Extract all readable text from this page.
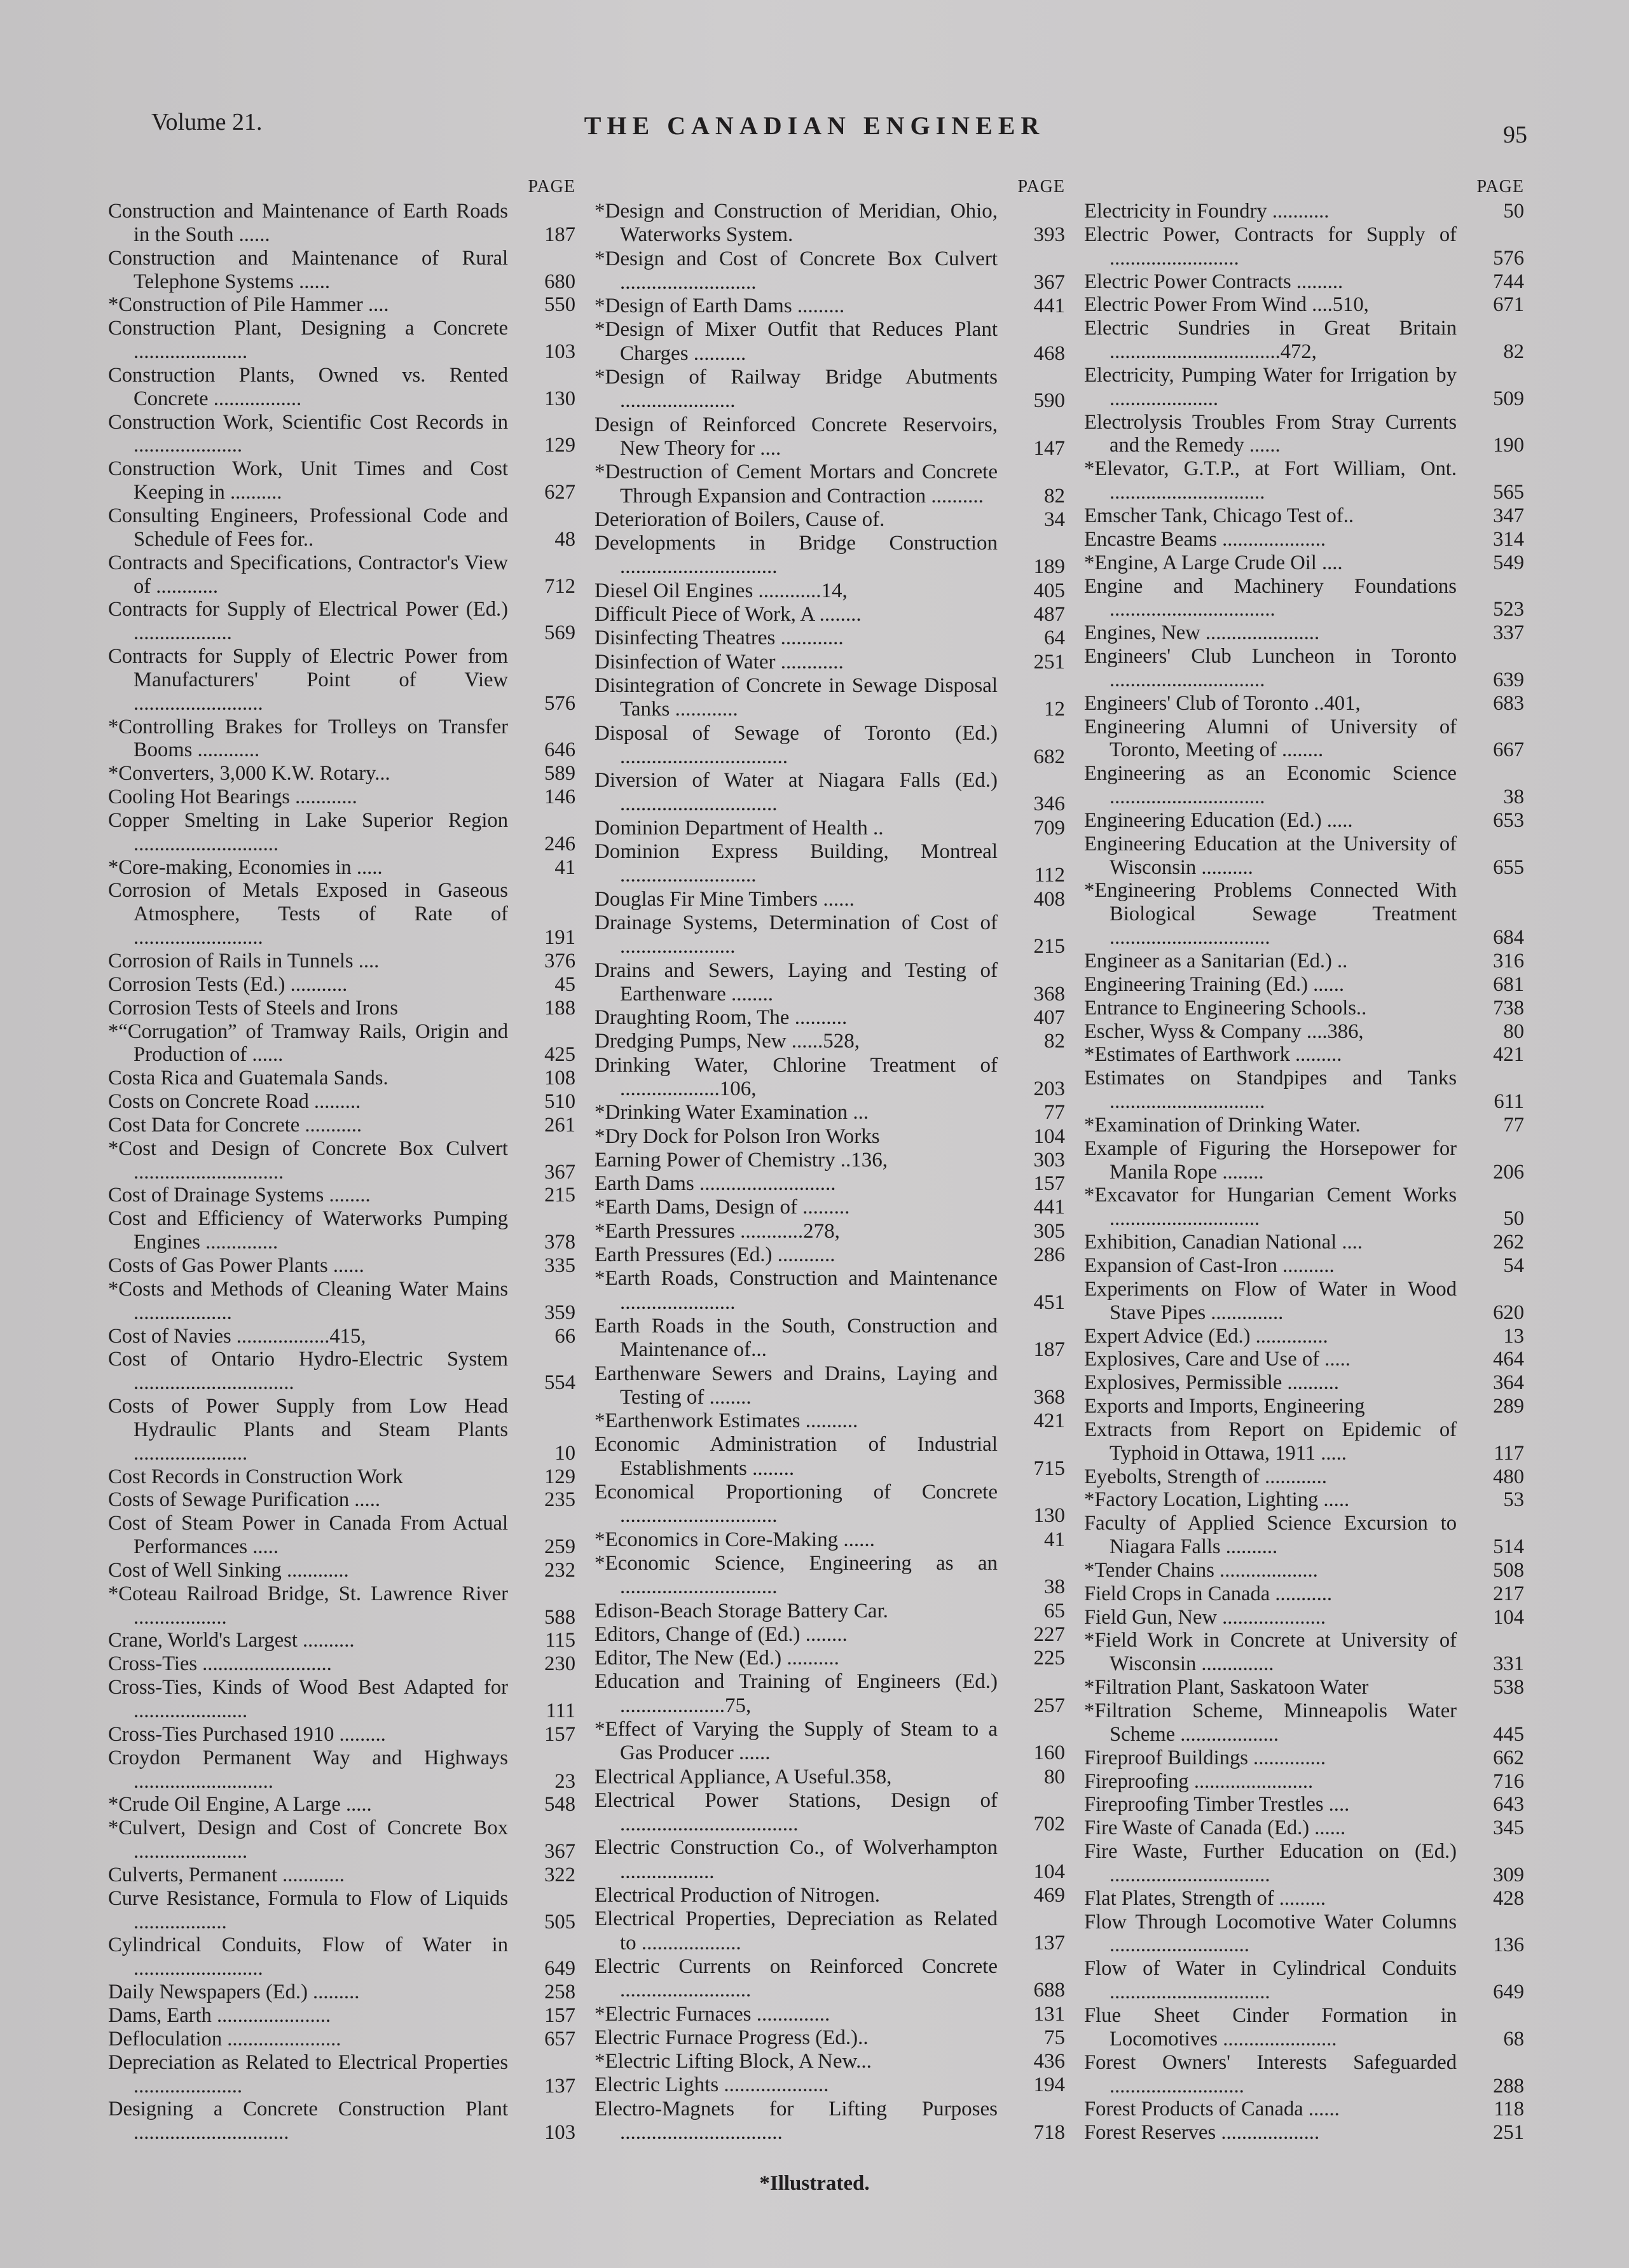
Volume 21.	THE CANADIAN ENGINEER	95
PAGE
Construction and Maintenance of Earth Roads in the South ......	187
Construction and Maintenance of Rural Telephone Systems ......	680
*Construction of Pile Hammer ....	550
Construction Plant, Designing a Concrete ......................	103
Construction Plants, Owned vs. Rented Concrete .................	130
Construction Work, Scientific Cost Records in .....................	129
Construction Work, Unit Times and Cost Keeping in ..........	627
Consulting Engineers, Professional Code and Schedule of Fees for..	48
Contracts and Specifications, Contractor's View of ............	712
Contracts for Supply of Electrical Power (Ed.) ...................	569
Contracts for Supply of Electric Power from Manufacturers' Point of View .........................	576
*Controlling Brakes for Trolleys on Transfer Booms ............	646
*Converters, 3,000 K.W. Rotary...	589
Cooling Hot Bearings ............	146
Copper Smelting in Lake Superior Region ............................	246
*Core-making, Economies in .....	41
Corrosion of Metals Exposed in Gaseous Atmosphere, Tests of Rate of .........................	191
Corrosion of Rails in Tunnels ....	376
Corrosion Tests (Ed.) ...........	45
Corrosion Tests of Steels and Irons	188
*“Corrugation” of Tramway Rails, Origin and Production of ......	425
Costa Rica and Guatemala Sands.	108
Costs on Concrete Road .........	510
Cost Data for Concrete ...........	261
*Cost and Design of Concrete Box Culvert .............................	367
Cost of Drainage Systems ........	215
Cost and Efficiency of Waterworks Pumping Engines ..............	378
Costs of Gas Power Plants ......	335
*Costs and Methods of Cleaning Water Mains ...................	359
Cost of Navies ..................415,	66
Cost of Ontario Hydro-Electric System ...............................	554
Costs of Power Supply from Low Head Hydraulic Plants and Steam Plants ......................	10
Cost Records in Construction Work	129
Costs of Sewage Purification .....	235
Cost of Steam Power in Canada From Actual Performances .....	259
Cost of Well Sinking ............	232
*Coteau Railroad Bridge, St. Lawrence River ..................	588
Crane, World's Largest ..........	115
Cross-Ties .........................	230
Cross-Ties, Kinds of Wood Best Adapted for ......................	111
Cross-Ties Purchased 1910 .........	157
Croydon Permanent Way and Highways ...........................	23
*Crude Oil Engine, A Large .....	548
*Culvert, Design and Cost of Concrete Box ......................	367
Culverts, Permanent ............	322
Curve Resistance, Formula to Flow of Liquids ..................	505
Cylindrical Conduits, Flow of Water in .........................	649
Daily Newspapers (Ed.) .........	258
Dams, Earth ......................	157
Defloculation ......................	657
Depreciation as Related to Electrical Properties .....................	137
Designing a Concrete Construction Plant ..............................	103
PAGE
*Design and Construction of Meridian, Ohio, Waterworks System.	393
*Design and Cost of Concrete Box Culvert ..........................	367
*Design of Earth Dams .........	441
*Design of Mixer Outfit that Reduces Plant Charges ..........	468
*Design of Railway Bridge Abutments ......................	590
Design of Reinforced Concrete Reservoirs, New Theory for ....	147
*Destruction of Cement Mortars and Concrete Through Expansion and Contraction ..........	82
Deterioration of Boilers, Cause of.	34
Developments in Bridge Construction ..............................	189
Diesel Oil Engines ............14,	405
Difficult Piece of Work, A ........	487
Disinfecting Theatres ............	64
Disinfection of Water ............	251
Disintegration of Concrete in Sewage Disposal Tanks ............	12
Disposal of Sewage of Toronto (Ed.) ................................	682
Diversion of Water at Niagara Falls (Ed.) ..............................	346
Dominion Department of Health ..	709
Dominion Express Building, Montreal ..........................	112
Douglas Fir Mine Timbers ......	408
Drainage Systems, Determination of Cost of ......................	215
Drains and Sewers, Laying and Testing of Earthenware ........	368
Draughting Room, The ..........	407
Dredging Pumps, New ......528,	82
Drinking Water, Chlorine Treatment of ...................106,	203
*Drinking Water Examination ...	77
*Dry Dock for Polson Iron Works	104
Earning Power of Chemistry ..136,	303
Earth Dams ..........................	157
*Earth Dams, Design of .........	441
*Earth Pressures ............278,	305
Earth Pressures (Ed.) ...........	286
*Earth Roads, Construction and Maintenance ......................	451
Earth Roads in the South, Construction and Maintenance of...	187
Earthenware Sewers and Drains, Laying and Testing of ........	368
*Earthenwork Estimates ..........	421
Economic Administration of Industrial Establishments ........	715
Economical Proportioning of Concrete ..............................	130
*Economics in Core-Making ......	41
*Economic Science, Engineering as an ..............................	38
Edison-Beach Storage Battery Car.	65
Editors, Change of (Ed.) ........	227
Editor, The New (Ed.) ..........	225
Education and Training of Engineers (Ed.) ....................75,	257
*Effect of Varying the Supply of Steam to a Gas Producer ......	160
Electrical Appliance, A Useful.358,	80
Electrical Power Stations, Design of ..................................	702
Electric Construction Co., of Wolverhampton ..................	104
Electrical Production of Nitrogen.	469
Electrical Properties, Depreciation as Related to ...................	137
Electric Currents on Reinforced Concrete .........................	688
*Electric Furnaces ..............	131
Electric Furnace Progress (Ed.)..	75
*Electric Lifting Block, A New...	436
Electric Lights ....................	194
Electro-Magnets for Lifting Purposes ...............................	718
PAGE
Electricity in Foundry ...........	50
Electric Power, Contracts for Supply of .........................	576
Electric Power Contracts .........	744
Electric Power From Wind ....510,	671
Electric Sundries in Great Britain .................................472,	82
Electricity, Pumping Water for Irrigation by .....................	509
Electrolysis Troubles From Stray Currents and the Remedy ......	190
*Elevator, G.T.P., at Fort William, Ont. ..............................	565
Emscher Tank, Chicago Test of..	347
Encastre Beams ....................	314
*Engine, A Large Crude Oil ....	549
Engine and Machinery Foundations ................................	523
Engines, New ......................	337
Engineers' Club Luncheon in Toronto ..............................	639
Engineers' Club of Toronto ..401,	683
Engineering Alumni of University of Toronto, Meeting of ........	667
Engineering as an Economic Science ..............................	38
Engineering Education (Ed.) .....	653
Engineering Education at the University of Wisconsin ..........	655
*Engineering Problems Connected With Biological Sewage Treatment ...............................	684
Engineer as a Sanitarian (Ed.) ..	316
Engineering Training (Ed.) ......	681
Entrance to Engineering Schools..	738
Escher, Wyss & Company ....386,	80
*Estimates of Earthwork .........	421
Estimates on Standpipes and Tanks ..............................	611
*Examination of Drinking Water.	77
Example of Figuring the Horsepower for Manila Rope ........	206
*Excavator for Hungarian Cement Works .............................	50
Exhibition, Canadian National ....	262
Expansion of Cast-Iron ..........	54
Experiments on Flow of Water in Wood Stave Pipes ..............	620
Expert Advice (Ed.) ..............	13
Explosives, Care and Use of .....	464
Explosives, Permissible ..........	364
Exports and Imports, Engineering	289
Extracts from Report on Epidemic of Typhoid in Ottawa, 1911 .....	117
Eyebolts, Strength of ............	480
*Factory Location, Lighting .....	53
Faculty of Applied Science Excursion to Niagara Falls ..........	514
*Tender Chains ...................	508
Field Crops in Canada ...........	217
Field Gun, New ....................	104
*Field Work in Concrete at University of Wisconsin ..............	331
*Filtration Plant, Saskatoon Water	538
*Filtration Scheme, Minneapolis Water Scheme ...................	445
Fireproof Buildings ..............	662
Fireproofing .......................	716
Fireproofing Timber Trestles ....	643
Fire Waste of Canada (Ed.) ......	345
Fire Waste, Further Education on (Ed.) ...............................	309
Flat Plates, Strength of .........	428
Flow Through Locomotive Water Columns ...........................	136
Flow of Water in Cylindrical Conduits ...............................	649
Flue Sheet Cinder Formation in Locomotives ......................	68
Forest Owners' Interests Safeguarded ..........................	288
Forest Products of Canada ......	118
Forest Reserves ...................	251
*Illustrated.
